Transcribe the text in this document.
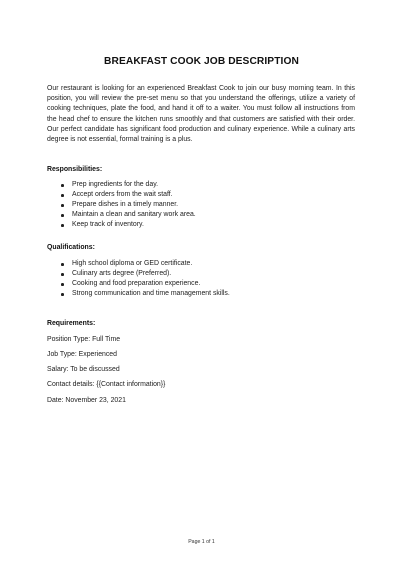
BREAKFAST COOK JOB DESCRIPTION
Our restaurant is looking for an experienced Breakfast Cook to join our busy morning team. In this position, you will review the pre-set menu so that you understand the offerings, utilize a variety of cooking techniques, plate the food, and hand it off to a waiter. You must follow all instructions from the head chef to ensure the kitchen runs smoothly and that customers are satisfied with their order. Our perfect candidate has significant food production and culinary experience. While a culinary arts degree is not essential, formal training is a plus.
Responsibilities:
Prep ingredients for the day.
Accept orders from the wait staff.
Prepare dishes in a timely manner.
Maintain a clean and sanitary work area.
Keep track of inventory.
Qualifications:
High school diploma or GED certificate.
Culinary arts degree (Preferred).
Cooking and food preparation experience.
Strong communication and time management skills.
Requirements:
Position Type: Full Time
Job Type: Experienced
Salary: To be discussed
Contact details: {{Contact information}}
Date: November 23, 2021
Page 1 of 1
